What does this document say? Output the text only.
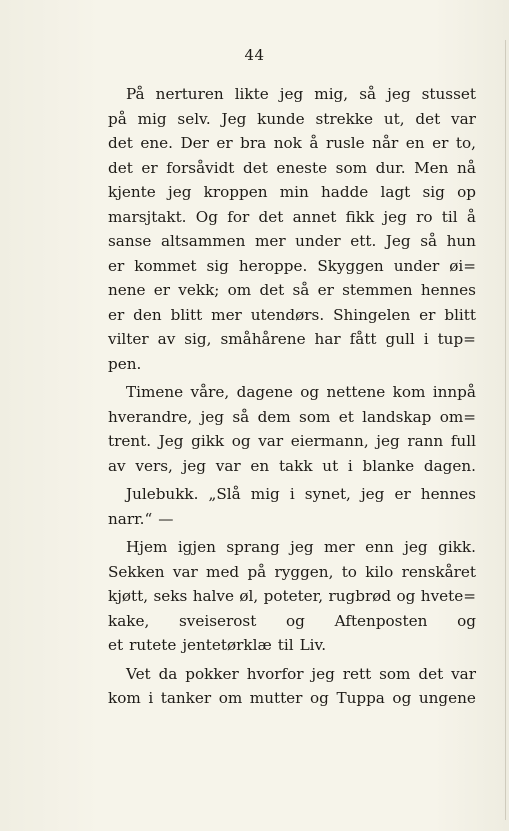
44
På nerturen likte jeg mig, så jeg stusset
på mig selv. Jeg kunde strekke ut, det var
det ene. Der er bra nok å rusle når en er to,
det er forsåvidt det eneste som dur. Men nå
kjente jeg kroppen min hadde lagt sig op
marsjtakt. Og for det annet fikk jeg ro til å
sanse altsammen mer under ett. Jeg så hun
er kommet sig heroppe. Skyggen under øi=
nene er vekk; om det så er stemmen hennes
er den blitt mer utendørs. Shingelen er blitt
vilter av sig, småhårene har fått gull i tup=
pen.
Timene våre, dagene og nettene kom innpå
hverandre, jeg så dem som et landskap om=
trent. Jeg gikk og var eiermann, jeg rann full
av vers, jeg var en takk ut i blanke dagen.
Julebukk. „Slå mig i synet, jeg er hennes
narr.“ —
Hjem igjen sprang jeg mer enn jeg gikk.
Sekken var med på ryggen, to kilo renskåret
kjøtt, seks halve øl, poteter, rugbrød og hvete=
kake, sveiserost og Aftenposten og
et rutete jentetørklæ til Liv.
Vet da pokker hvorfor jeg rett som det var
kom i tanker om mutter og Tuppa og ungene
